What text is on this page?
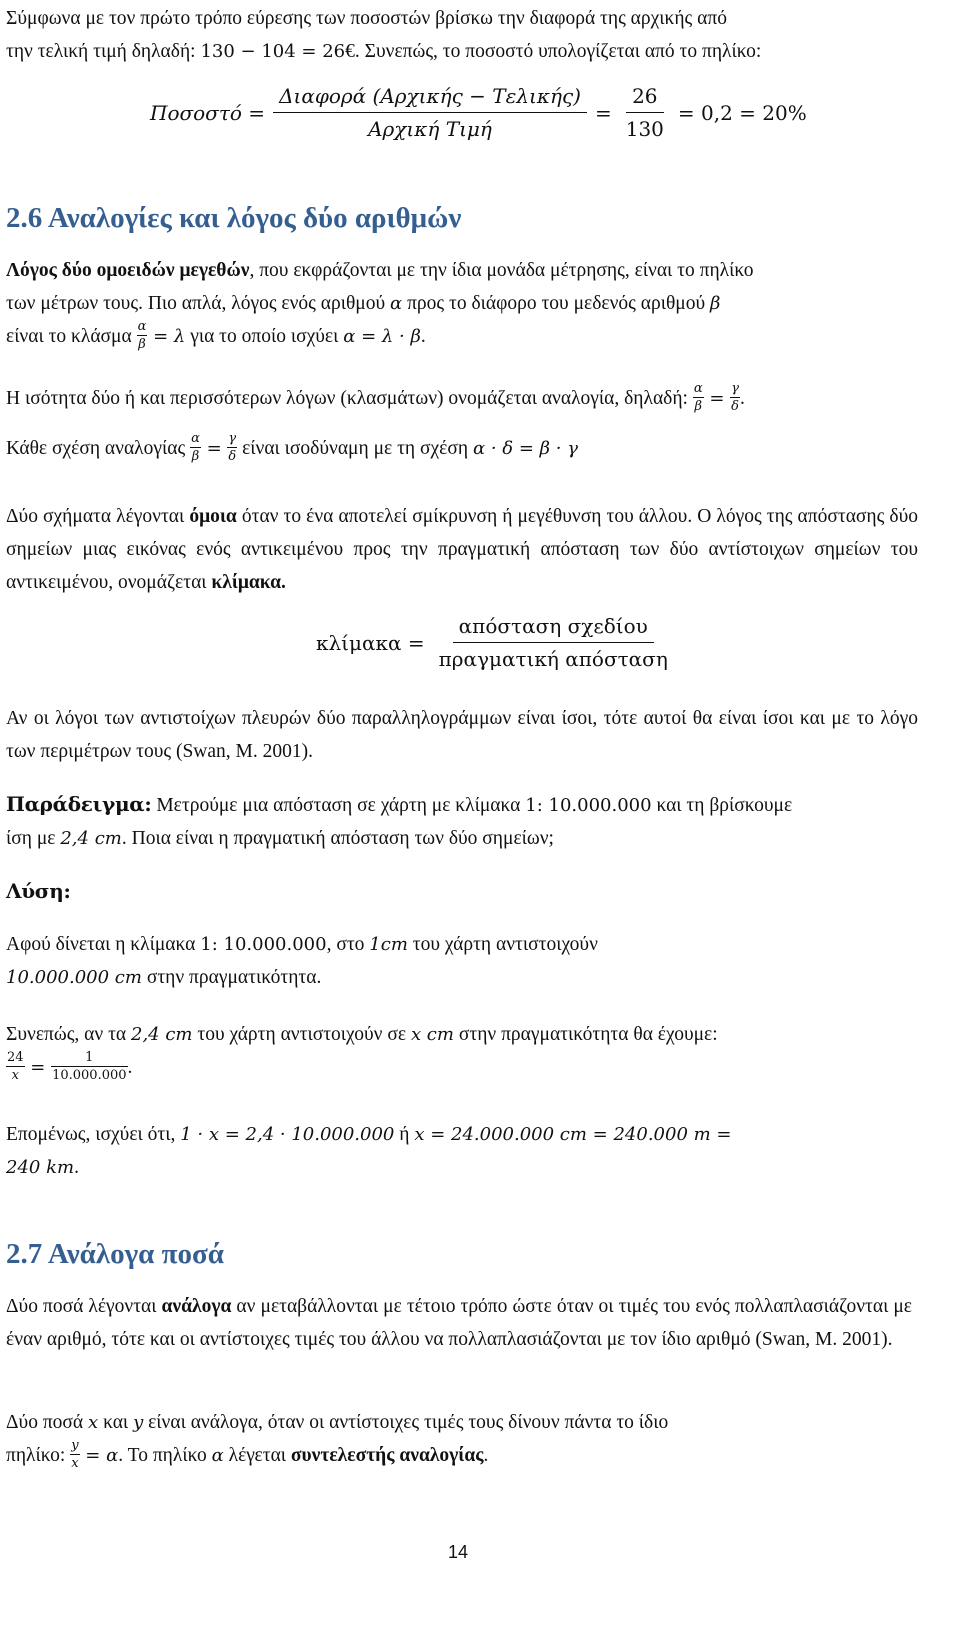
Σύμφωνα με τον πρώτο τρόπο εύρεσης των ποσοστών βρίσκω την διαφορά της αρχικής από
την τελική τιμή δηλαδή: 130 − 104 = 26€. Συνεπώς, το ποσοστό υπολογίζεται από το πηλίκο:

$\Pi o\sigma o\sigma\tau ό = \frac{\text{Διαφορά (Αρχικής − Τελικής)}}{\text{Αρχική Τιμή}} = \frac{26}{130} = 0,2 = 20\%$
2.6 Αναλογίες και λόγος δύο αριθμών

Λόγος δύο ομοειδών μεγεθών, που εκφράζονται με την ίδια μονάδα μέτρησης, είναι το πηλίκο
των μέτρων τους. Πιο απλά, λόγος ενός αριθμού α προς το διάφορο του μεδενός αριθμού β
είναι το κλάσμα $\frac{\alpha}{\beta} = \lambda$ για το οποίο ισχύει α = λ · β.

Η ισότητα δύο ή και περισσότερων λόγων (κλασμάτων) ονομάζεται αναλογία, δηλαδή: $\frac{\alpha}{\beta} = \frac{\gamma}{\delta}$ .

Κάθε σχέση αναλογίας $\frac{\alpha}{\beta} = \frac{\gamma}{\delta}$ είναι ισοδύναμη με τη σχέση α · δ = β · γ

Δύο σχήματα λέγονται όμοια όταν το ένα αποτελεί σμίκρυνση ή μεγέθυνση του άλλου. Ο λόγος της απόστασης δύο σημείων μιας εικόνας ενός αντικειμένου προς την πραγματική απόσταση των δύο αντίστοιχων σημείων του αντικειμένου, ονομάζεται κλίμακα.

$\kappa\lambda ί\mu\alpha\kappa\alpha = \frac{\text{απόσταση σχεδίου}}{\text{πραγματική απόσταση}}$

Αν οι λόγοι των αντιστοίχων πλευρών δύο παραλληλογράμμων είναι ίσοι, τότε αυτοί θα είναι ίσοι και με το λόγο των περιμέτρων τους (Swan, M. 2001).

Παράδειγμα: Μετρούμε μια απόσταση σε χάρτη με κλίμακα 1: 10.000.000 και τη βρίσκουμε
ίση με 2,4 cm. Ποια είναι η πραγματική απόσταση των δύο σημείων;

Λύση:

Αφού δίνεται η κλίμακα 1: 10.000.000, στο 1cm του χάρτη αντιστοιχούν
10.000.000 cm στην πραγματικότητα.

Συνεπώς, αν τα 2,4 cm του χάρτη αντιστοιχούν σε x cm στην πραγματικότητα θα έχουμε:

$\frac{24}{x} = \frac{1}{10.000.000}$ .

Επομένως, ισχύει ότι, 1 · x = 2,4 · 10.000.000 ή x = 24.000.000 cm = 240.000 m =
240 km.

2.7 Ανάλογα ποσά

Δύο ποσά λέγονται ανάλογα αν μεταβάλλονται με τέτοιο τρόπο ώστε όταν οι τιμές του ενός πολλαπλασιάζονται με έναν αριθμό, τότε και οι αντίστοιχες τιμές του άλλου να πολλαπλασιάζονται με τον ίδιο αριθμό (Swan, M. 2001).

Δύο ποσά x και y είναι ανάλογα, όταν οι αντίστοιχες τιμές τους δίνουν πάντα το ίδιο
πηλίκο: $\frac{y}{x} = \alpha$. Το πηλίκο α λέγεται συντελεστής αναλογίας.

14
